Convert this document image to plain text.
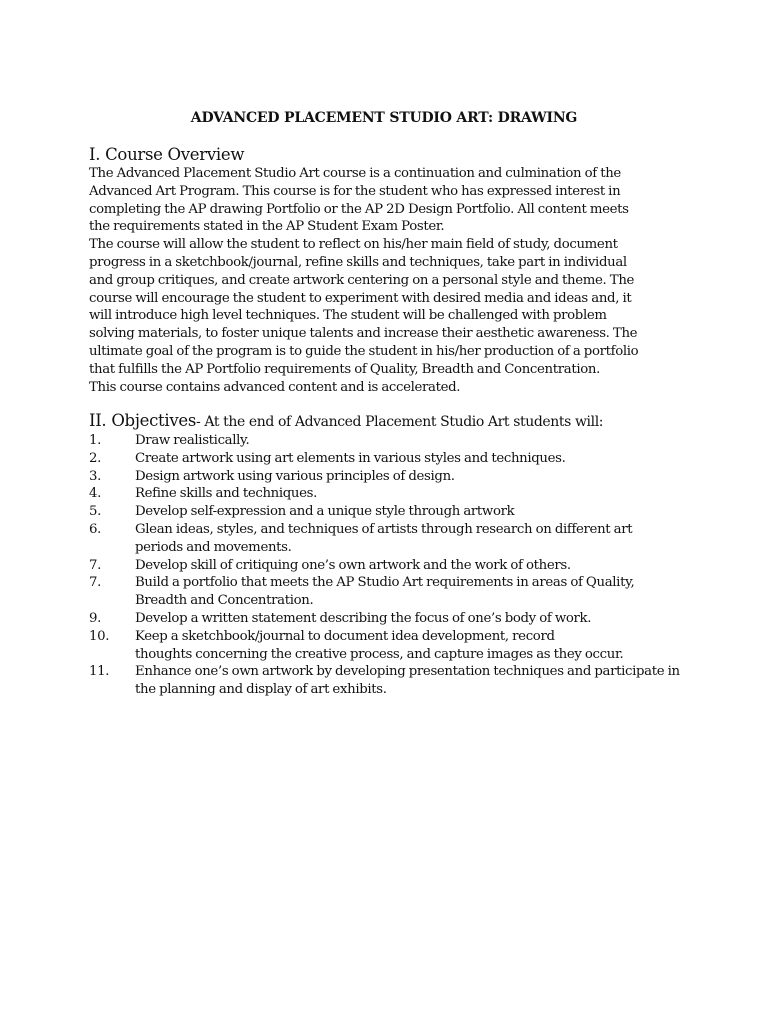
ADVANCED PLACEMENT STUDIO ART: DRAWING
I. Course Overview
The Advanced Placement Studio Art course is a continuation and culmination of the
Advanced Art Program. This course is for the student who has expressed interest in
completing the AP drawing Portfolio or the AP 2D Design Portfolio. All content meets
the requirements stated in the AP Student Exam Poster.
The course will allow the student to reflect on his/her main field of study, document
progress in a sketchbook/journal, refine skills and techniques, take part in individual
and group critiques, and create artwork centering on a personal style and theme. The
course will encourage the student to experiment with desired media and ideas and, it
will introduce high level techniques. The student will be challenged with problem
solving materials, to foster unique talents and increase their aesthetic awareness. The
ultimate goal of the program is to guide the student in his/her production of a portfolio
that fulfills the AP Portfolio requirements of Quality, Breadth and Concentration.
This course contains advanced content and is accelerated.
II. Objectives- At the end of Advanced Placement Studio Art students will:
1.	Draw realistically.
2.	Create artwork using art elements in various styles and techniques.
3.	Design artwork using various principles of design.
4.	Refine skills and techniques.
5.	Develop self-expression and a unique style through artwork
6.	Glean ideas, styles, and techniques of artists through research on different art
periods and movements.
7.	Develop skill of critiquing one’s own artwork and the work of others.
7.	Build a portfolio that meets the AP Studio Art requirements in areas of Quality,
Breadth and Concentration.
9.	Develop a written statement describing the focus of one’s body of work.
10.	Keep a sketchbook/journal to document idea development, record
thoughts concerning the creative process, and capture images as they occur.
11.	Enhance one’s own artwork by developing presentation techniques and participate in
the planning and display of art exhibits.
